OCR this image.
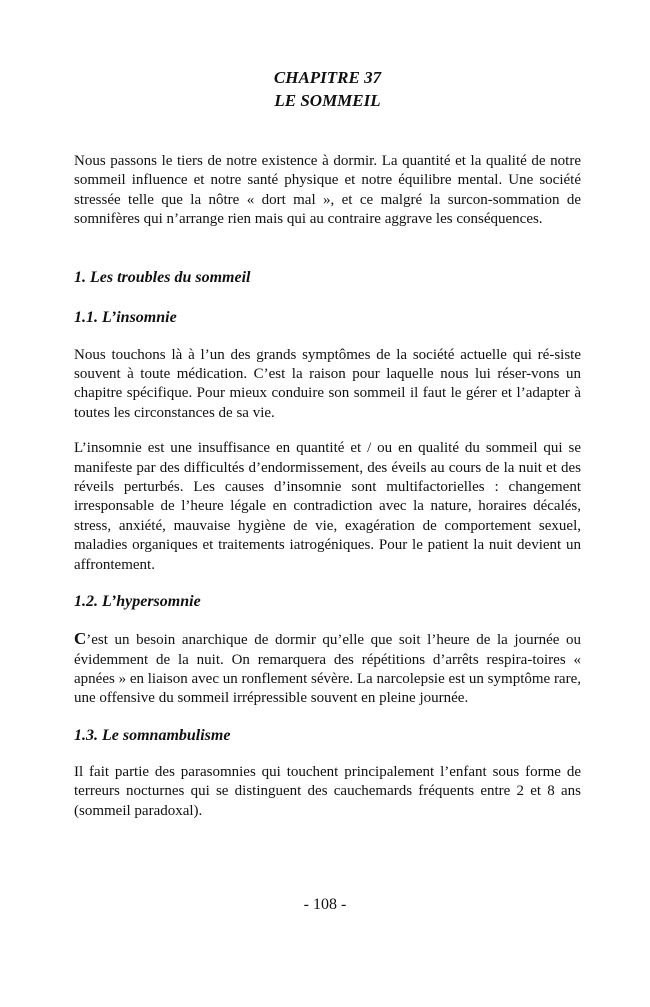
CHAPITRE 37
LE SOMMEIL

Nous passons le tiers de notre existence à dormir. La quantité et la qualité de notre sommeil influence et notre santé physique et notre équilibre mental. Une société stressée telle que la nôtre « dort mal », et ce malgré la surcon-sommation de somnifères qui n’arrange rien mais qui au contraire aggrave les conséquences.

1. Les troubles du sommeil
1.1. L’insomnie

Nous touchons là à l’un des grands symptômes de la société actuelle qui ré-siste souvent à toute médication. C’est la raison pour laquelle nous lui réser-vons un chapitre spécifique. Pour mieux conduire son sommeil il faut le gérer et l’adapter à toutes les circonstances de sa vie.

L’insomnie est une insuffisance en quantité et / ou en qualité du sommeil qui se manifeste par des difficultés d’endormissement, des éveils au cours de la nuit et des réveils perturbés. Les causes d’insomnie sont multifactorielles : changement irresponsable de l’heure légale en contradiction avec la nature, horaires décalés, stress, anxiété, mauvaise hygiène de vie, exagération de comportement sexuel, maladies organiques et traitements iatrogéniques. Pour le patient la nuit devient un affrontement.

1.2. L’hypersomnie

C’est un besoin anarchique de dormir qu’elle que soit l’heure de la journée ou évidemment de la nuit. On remarquera des répétitions d’arrêts respira-toires « apnées » en liaison avec un ronflement sévère. La narcolepsie est un symptôme rare, une offensive du sommeil irrépressible souvent en pleine journée.

1.3. Le somnambulisme

Il fait partie des parasomnies qui touchent principalement l’enfant sous forme de terreurs nocturnes qui se distinguent des cauchemards fréquents entre 2 et 8 ans (sommeil paradoxal).

- 108 -
